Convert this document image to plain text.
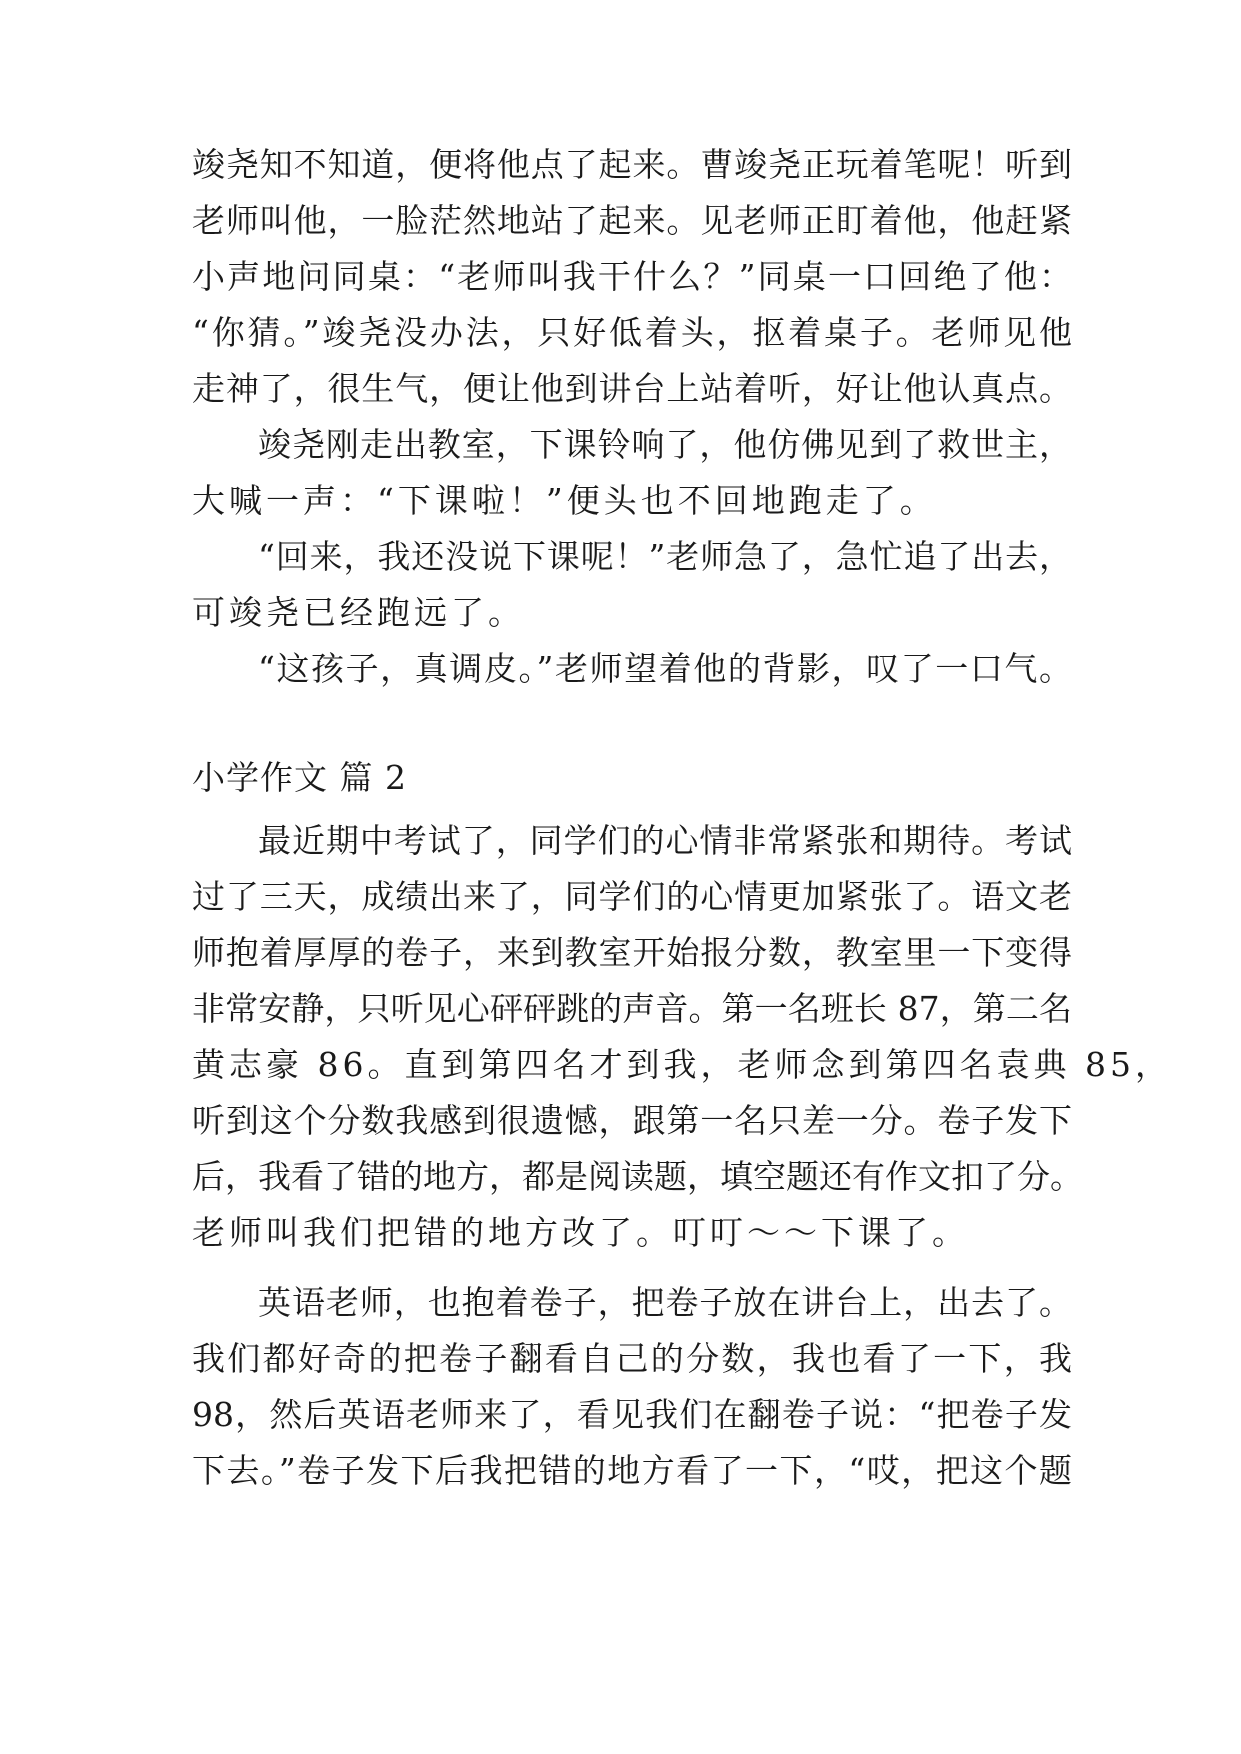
竣尧知不知道，便将他点了起来。曹竣尧正玩着笔呢！听到
老师叫他，一脸茫然地站了起来。见老师正盯着他，他赶紧
小声地问同桌：“老师叫我干什么？”同桌一口回绝了他：
“你猜。”竣尧没办法，只好低着头，抠着桌子。老师见他
走神了，很生气，便让他到讲台上站着听，好让他认真点。
竣尧刚走出教室，下课铃响了，他仿佛见到了救世主，
大喊一声：“下课啦！”便头也不回地跑走了。
“回来，我还没说下课呢！”老师急了，急忙追了出去，
可竣尧已经跑远了。
“这孩子，真调皮。”老师望着他的背影，叹了一口气。
小学作文 篇 2
最近期中考试了，同学们的心情非常紧张和期待。考试
过了三天，成绩出来了，同学们的心情更加紧张了。语文老
师抱着厚厚的卷子，来到教室开始报分数，教室里一下变得
非常安静，只听见心砰砰跳的声音。第一名班长 87，第二名
黄志豪 86。直到第四名才到我，老师念到第四名袁典 85，
听到这个分数我感到很遗憾，跟第一名只差一分。卷子发下
后，我看了错的地方，都是阅读题，填空题还有作文扣了分。
老师叫我们把错的地方改了。叮叮～～下课了。
英语老师，也抱着卷子，把卷子放在讲台上，出去了。
我们都好奇的把卷子翻看自己的分数，我也看了一下，我
98，然后英语老师来了，看见我们在翻卷子说：“把卷子发
下去。”卷子发下后我把错的地方看了一下，“哎，把这个题
